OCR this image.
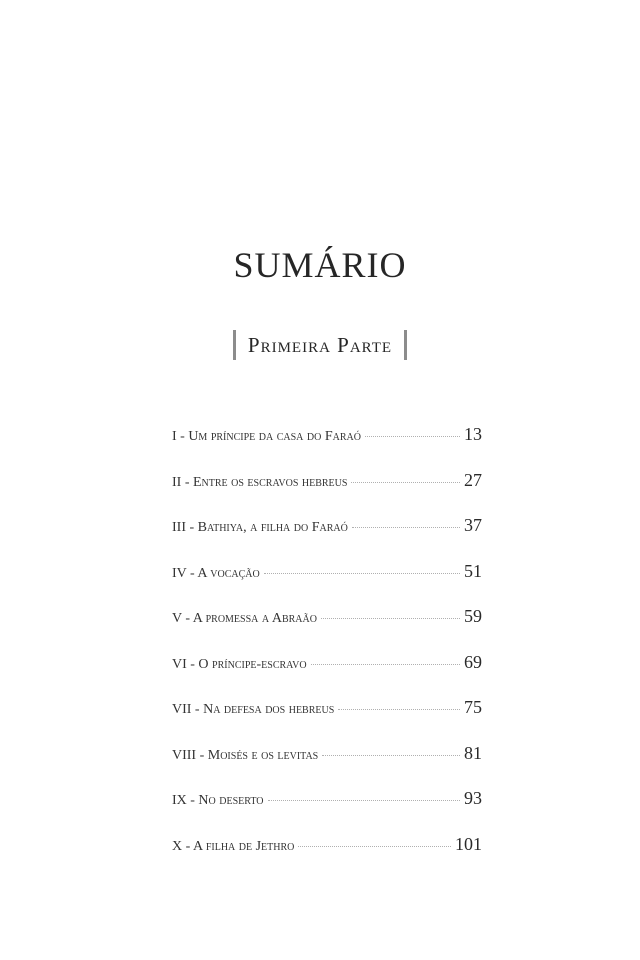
SUMÁRIO
Primeira Parte
I - Um príncipe da casa do Faraó	13
II - Entre os escravos hebreus	27
III - Bathiya, a filha do Faraó	37
IV - A vocação	51
V - A promessa a Abraão	59
VI - O príncipe-escravo	69
VII - Na defesa dos hebreus	75
VIII - Moisés e os levitas	81
IX - No deserto	93
X - A filha de Jethro	101
